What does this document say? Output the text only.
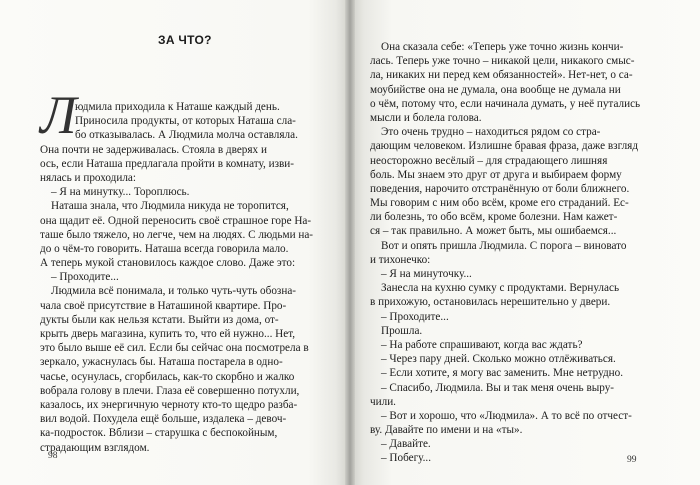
ЗА ЧТО?
Л
юдмила приходила к Наташе каждый день.
Приносила продукты, от которых Наташа сла-
бо отказывалась. А Людмила молча оставляла.
Она почти не задерживалась. Стояла в дверях и
ось, если Наташа предлагала пройти в комнату, изви-
нялась и проходила:
– Я на минутку... Тороплюсь.
Наташа знала, что Людмила никуда не торопится,
она щадит её. Одной переносить своё страшное горе На-
таше было тяжело, но легче, чем на людях. С людьми на-
до о чём-то говорить. Наташа всегда говорила мало.
А теперь мукой становилось каждое слово. Даже это:
– Проходите...
Людмила всё понимала, и только чуть-чуть обозна-
чала своё присутствие в Наташиной квартире. Про-
дукты были как нельзя кстати. Выйти из дома, от-
крыть дверь магазина, купить то, что ей нужно... Нет,
это было выше её сил. Если бы сейчас она посмотрела в
зеркало, ужаснулась бы. Наташа постарела в одно-
часье, осунулась, сгорбилась, как-то скорбно и жалко
вобрала голову в плечи. Глаза её совершенно потухли,
казалось, их энергичную черноту кто-то щедро разба-
вил водой. Похудела ещё больше, издалека – девоч-
ка-подросток. Вблизи – старушка с беспокойным,
страдающим взглядом.
Она сказала себе: «Теперь уже точно жизнь кончи-
лась. Теперь уже точно – никакой цели, никакого смыс-
ла, никаких ни перед кем обязанностей». Нет-нет, о са-
моубийстве она не думала, она вообще не думала ни
о чём, потому что, если начинала думать, у неё путались
мысли и болела голова.
Это очень трудно – находиться рядом со стра-
дающим человеком. Излишне бравая фраза, даже взгляд
неосторожно весёлый – для страдающего лишняя
боль. Мы знаем это друг от друга и выбираем форму
поведения, нарочито отстранённую от боли ближнего.
Мы говорим с ним обо всём, кроме его страданий. Ес-
ли болезнь, то обо всём, кроме болезни. Нам кажет-
ся – так правильно. А может быть, мы ошибаемся...
Вот и опять пришла Людмила. С порога – виновато
и тихонечко:
– Я на минуточку...
Занесла на кухню сумку с продуктами. Вернулась
в прихожую, остановилась нерешительно у двери.
– Проходите...
Прошла.
– На работе спрашивают, когда вас ждать?
– Через пару дней. Сколько можно отлёживаться.
– Если хотите, я могу вас заменить. Мне нетрудно.
– Спасибо, Людмила. Вы и так меня очень выру-
чили.
– Вот и хорошо, что «Людмила». А то всё по отчест-
ву. Давайте по имени и на «ты».
– Давайте.
– Побегу...
98	99
